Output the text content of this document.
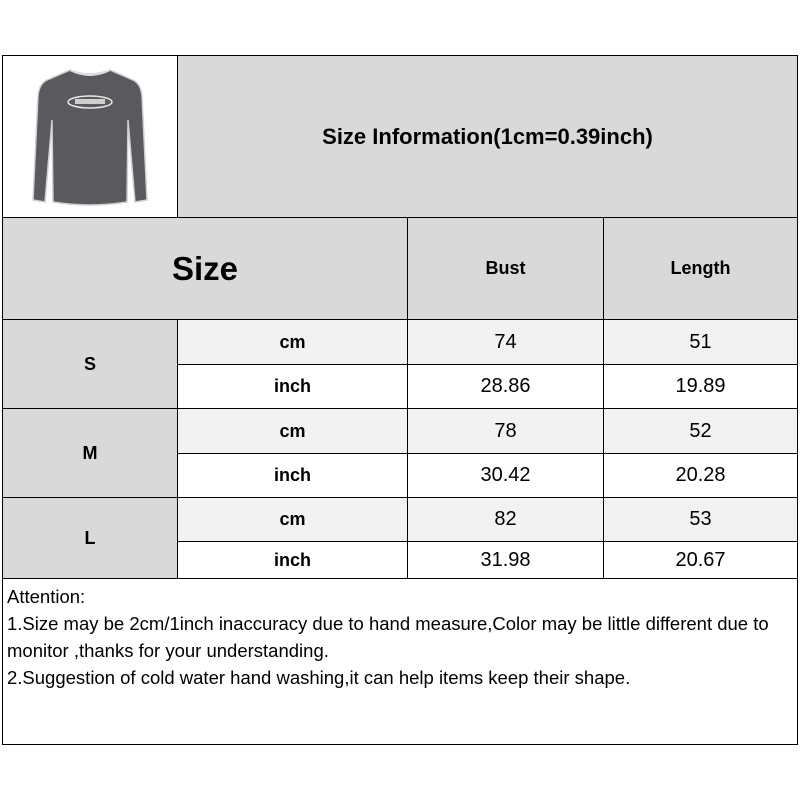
Size Information(1cm=0.39inch)
Size	Bust	Length
S
cm	74	51
inch	28.86	19.89
M
cm	78	52
inch	30.42	20.28
L
cm	82	53
inch	31.98	20.67
Attention:
1.Size may be 2cm/1inch inaccuracy due to hand measure,Color may be little different due to monitor ,thanks for your understanding.
2.Suggestion of cold water hand washing,it can help items keep their shape.
